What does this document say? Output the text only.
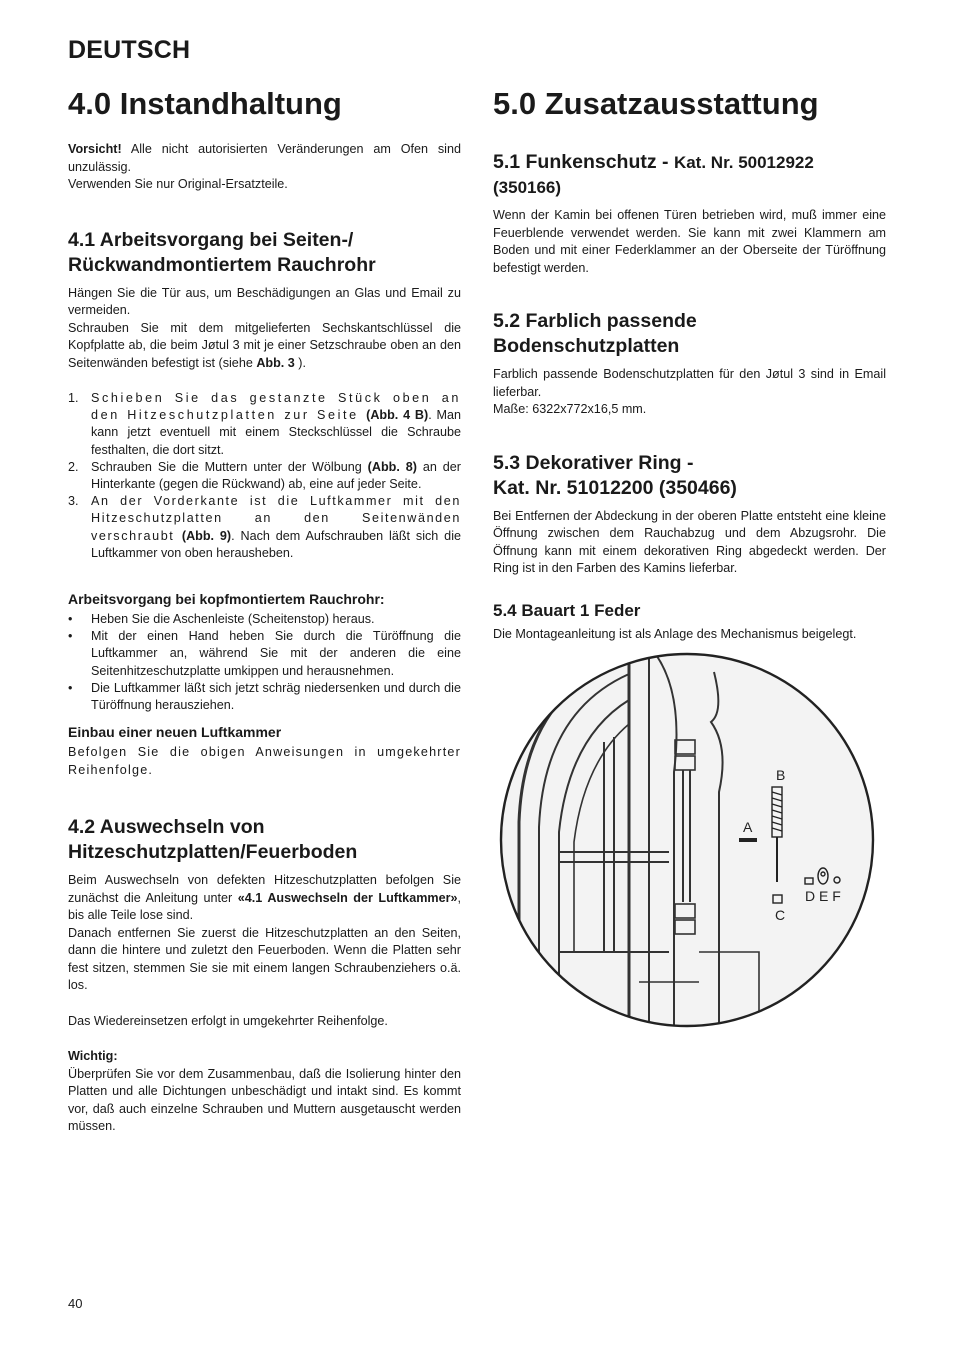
DEUTSCH
4.0 Instandhaltung

Vorsicht! Alle nicht autorisierten Veränderungen am Ofen sind unzulässig.
Verwenden Sie nur Original-Ersatzteile.

4.1 Arbeitsvorgang bei Seiten-/ Rückwandmontiertem Rauchrohr

Hängen Sie die Tür aus, um Beschädigungen an Glas und Email zu vermeiden.

Schrauben Sie mit dem mitgelieferten Sechskantschlüssel die Kopfplatte ab, die beim Jøtul 3 mit je einer Setzschraube oben an den Seitenwänden befestigt ist (siehe Abb. 3 ).

1. Schieben Sie das gestanzte Stück oben an den Hitzeschutzplatten zur Seite (Abb. 4 B). Man kann jetzt eventuell mit einem Steckschlüssel die Schraube festhalten, die dort sitzt.
2. Schrauben Sie die Muttern unter der Wölbung (Abb. 8) an der Hinterkante (gegen die Rückwand) ab, eine auf jeder Seite.
3. An der Vorderkante ist die Luftkammer mit den Hitzeschutzplatten an den Seitenwänden verschraubt (Abb. 9). Nach dem Aufschrauben läßt sich die Luftkammer von oben herausheben.
Arbeitsvorgang bei kopfmontiertem Rauchrohr:
• Heben Sie die Aschenleiste (Scheitenstop) heraus.
• Mit der einen Hand heben Sie durch die Türöffnung die Luftkammer an, während Sie mit der anderen die eine Seitenhitzeschutzplatte umkippen und herausnehmen.
• Die Luftkammer läßt sich jetzt schräg niedersenken und durch die Türöffnung herausziehen.
Einbau einer neuen Luftkammer

Befolgen Sie die obigen Anweisungen in umgekehrter Reihenfolge.

4.2 Auswechseln von Hitzeschutzplatten/Feuerboden

Beim Auswechseln von defekten Hitzeschutzplatten befolgen Sie zunächst die Anleitung unter «4.1 Auswechseln der Luftkammer», bis alle Teile lose sind.

Danach entfernen Sie zuerst die Hitzeschutzplatten an den Seiten, dann die hintere und zuletzt den Feuerboden. Wenn die Platten sehr fest sitzen, stemmen Sie sie mit einem langen Schraubenziehers o.ä. los.

Das Wiedereinsetzen erfolgt in umgekehrter Reihenfolge.

Wichtig:

Überprüfen Sie vor dem Zusammenbau, daß die Isolierung hinter den Platten und alle Dichtungen unbeschädigt und intakt sind. Es kommt vor, daß auch einzelne Schrauben und Muttern ausgetauscht werden müssen.

5.0 Zusatzausstattung
5.1 Funkenschutz - Kat. Nr. 50012922
(350166)

Wenn der Kamin bei offenen Türen betrieben wird, muß immer eine Feuerblende verwendet werden. Sie kann mit zwei Klammern am Boden und mit einer Federklammer an der Oberseite der Türöffnung befestigt werden.

5.2 Farblich passende Bodenschutzplatten

Farblich passende Bodenschutzplatten für den Jøtul 3 sind in Email lieferbar.

Maße: 6322x772x16,5 mm.

5.3 Dekorativer Ring -
Kat. Nr. 51012200 (350466)

Bei Entfernen der Abdeckung in der oberen Platte entsteht eine kleine Öffnung zwischen dem Rauchabzug und dem Abzugsrohr. Die Öffnung kann mit einem dekorativen Ring abgedeckt werden. Der Ring ist in den Farben des Kamins lieferbar.

5.4 Bauart 1 Feder

Die Montageanleitung ist als Anlage des Mechanismus beigelegt.

B
A
C
D E F
40
